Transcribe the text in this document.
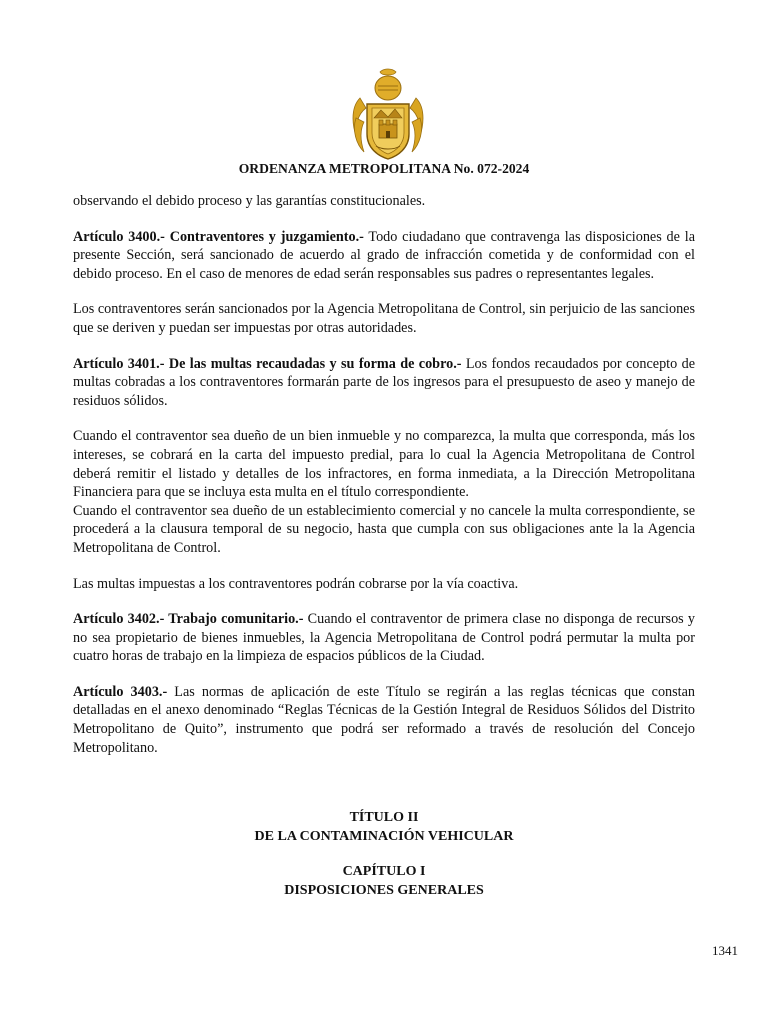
ORDENANZA METROPOLITANA No. 072-2024

observando el debido proceso y las garantías constitucionales.

Artículo 3400.- Contraventores y juzgamiento.- Todo ciudadano que contravenga las disposiciones de la presente Sección, será sancionado de acuerdo al grado de infracción cometida y de conformidad con el debido proceso. En el caso de menores de edad serán responsables sus padres o representantes legales.

Los contraventores serán sancionados por la Agencia Metropolitana de Control, sin perjuicio de las sanciones que se deriven y puedan ser impuestas por otras autoridades.

Artículo 3401.- De las multas recaudadas y su forma de cobro.- Los fondos recaudados por concepto de multas cobradas a los contraventores formarán parte de los ingresos para el presupuesto de aseo y manejo de residuos sólidos.

Cuando el contraventor sea dueño de un bien inmueble y no comparezca, la multa que corresponda, más los intereses, se cobrará en la carta del impuesto predial, para lo cual la Agencia Metropolitana de Control deberá remitir el listado y detalles de los infractores, en forma inmediata, a la Dirección Metropolitana Financiera para que se incluya esta multa en el título correspondiente.

Cuando el contraventor sea dueño de un establecimiento comercial y no cancele la multa correspondiente, se procederá a la clausura temporal de su negocio, hasta que cumpla con sus obligaciones ante la la Agencia Metropolitana de Control.

Las multas impuestas a los contraventores podrán cobrarse por la vía coactiva.

Artículo 3402.- Trabajo comunitario.- Cuando el contraventor de primera clase no disponga de recursos y no sea propietario de bienes inmuebles, la Agencia Metropolitana de Control podrá permutar la multa por cuatro horas de trabajo en la limpieza de espacios públicos de la Ciudad.

Artículo 3403.- Las normas de aplicación de este Título se regirán a las reglas técnicas que constan detalladas en el anexo denominado “Reglas Técnicas de la Gestión Integral de Residuos Sólidos del Distrito Metropolitano de Quito”, instrumento que podrá ser reformado a través de resolución del Concejo Metropolitano.

TÍTULO II
DE LA CONTAMINACIÓN VEHICULAR
CAPÍTULO I
DISPOSICIONES GENERALES
1341
